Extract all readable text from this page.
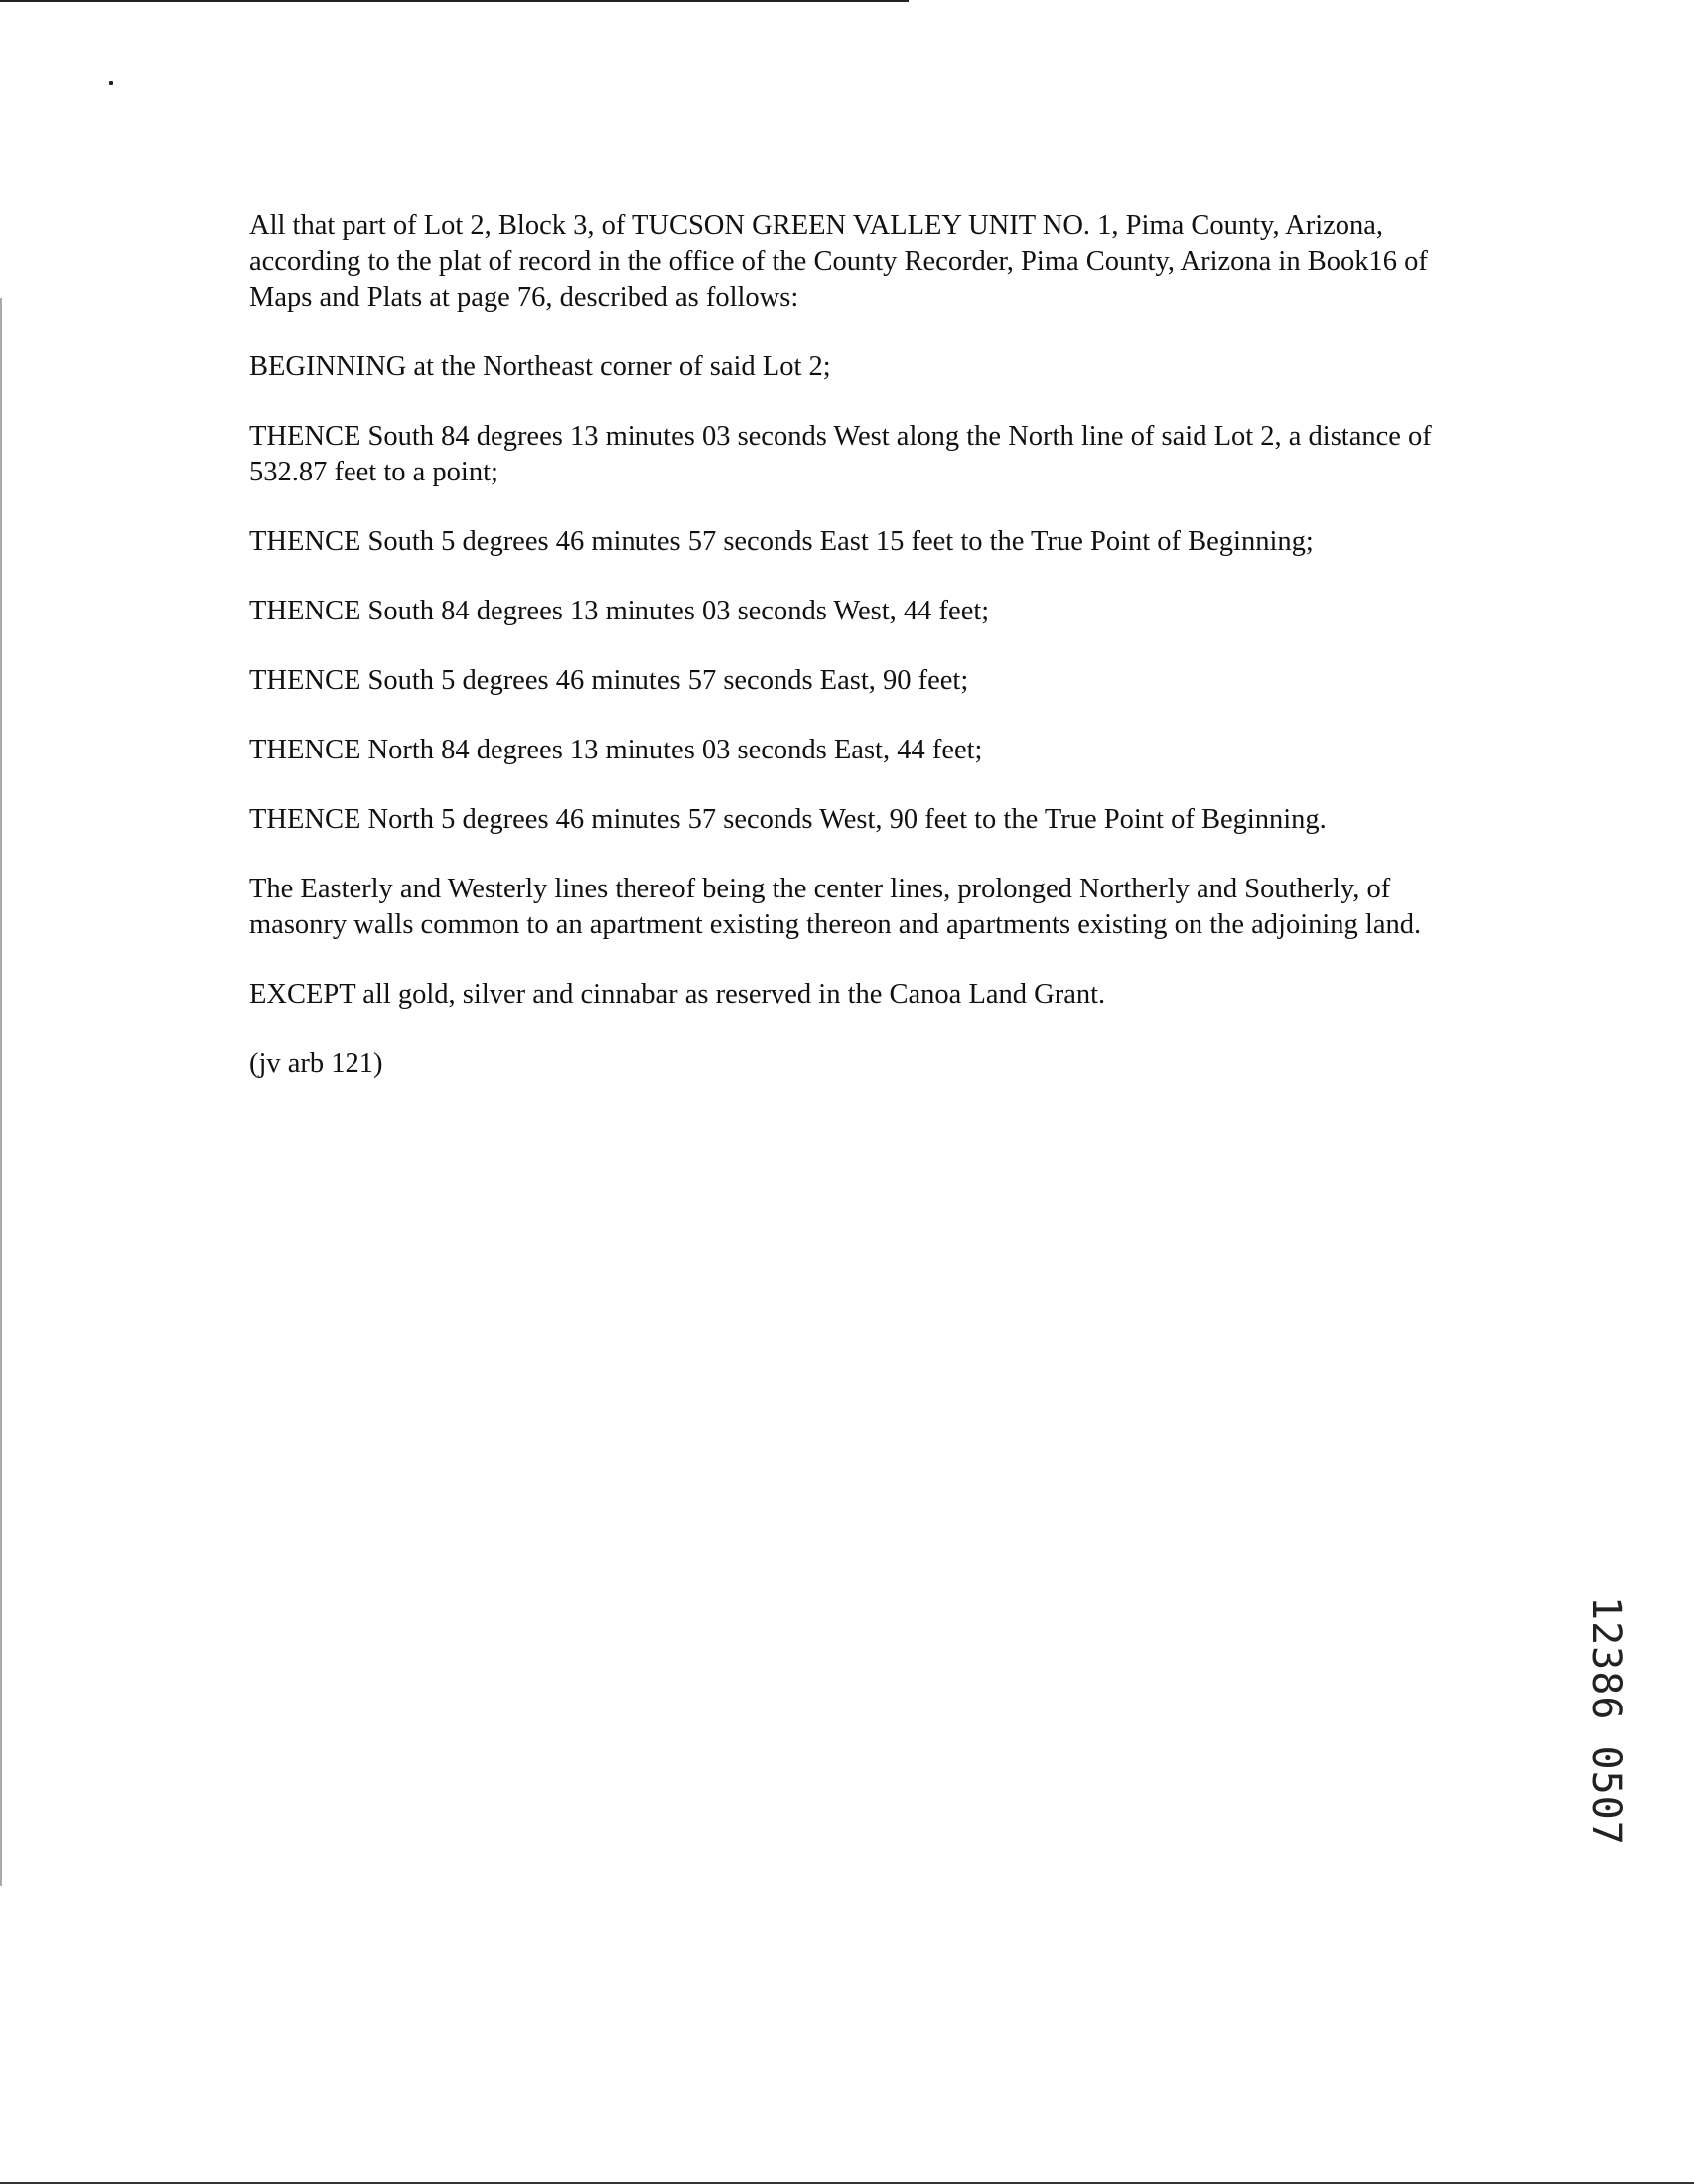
All that part of Lot 2, Block 3, of TUCSON GREEN VALLEY UNIT NO. 1, Pima County, Arizona, according to the plat of record in the office of the County Recorder, Pima County, Arizona in Book16 of Maps and Plats at page 76, described as follows:

BEGINNING at the Northeast corner of said Lot 2;

THENCE South 84 degrees 13 minutes 03 seconds West along the North line of said Lot 2, a distance of 532.87 feet to a point;

THENCE South 5 degrees 46 minutes 57 seconds East 15 feet to the True Point of Beginning;

THENCE South 84 degrees 13 minutes 03 seconds West, 44 feet;

THENCE South 5 degrees 46 minutes 57 seconds East, 90 feet;

THENCE North 84 degrees 13 minutes 03 seconds East, 44 feet;

THENCE North 5 degrees 46 minutes 57 seconds West, 90 feet to the True Point of Beginning.

The Easterly and Westerly lines thereof being the center lines, prolonged Northerly and Southerly, of masonry walls common to an apartment existing thereon and apartments existing on the adjoining land.

EXCEPT all gold, silver and cinnabar as reserved in the Canoa Land Grant.

(jv arb 121)

12386 0507
